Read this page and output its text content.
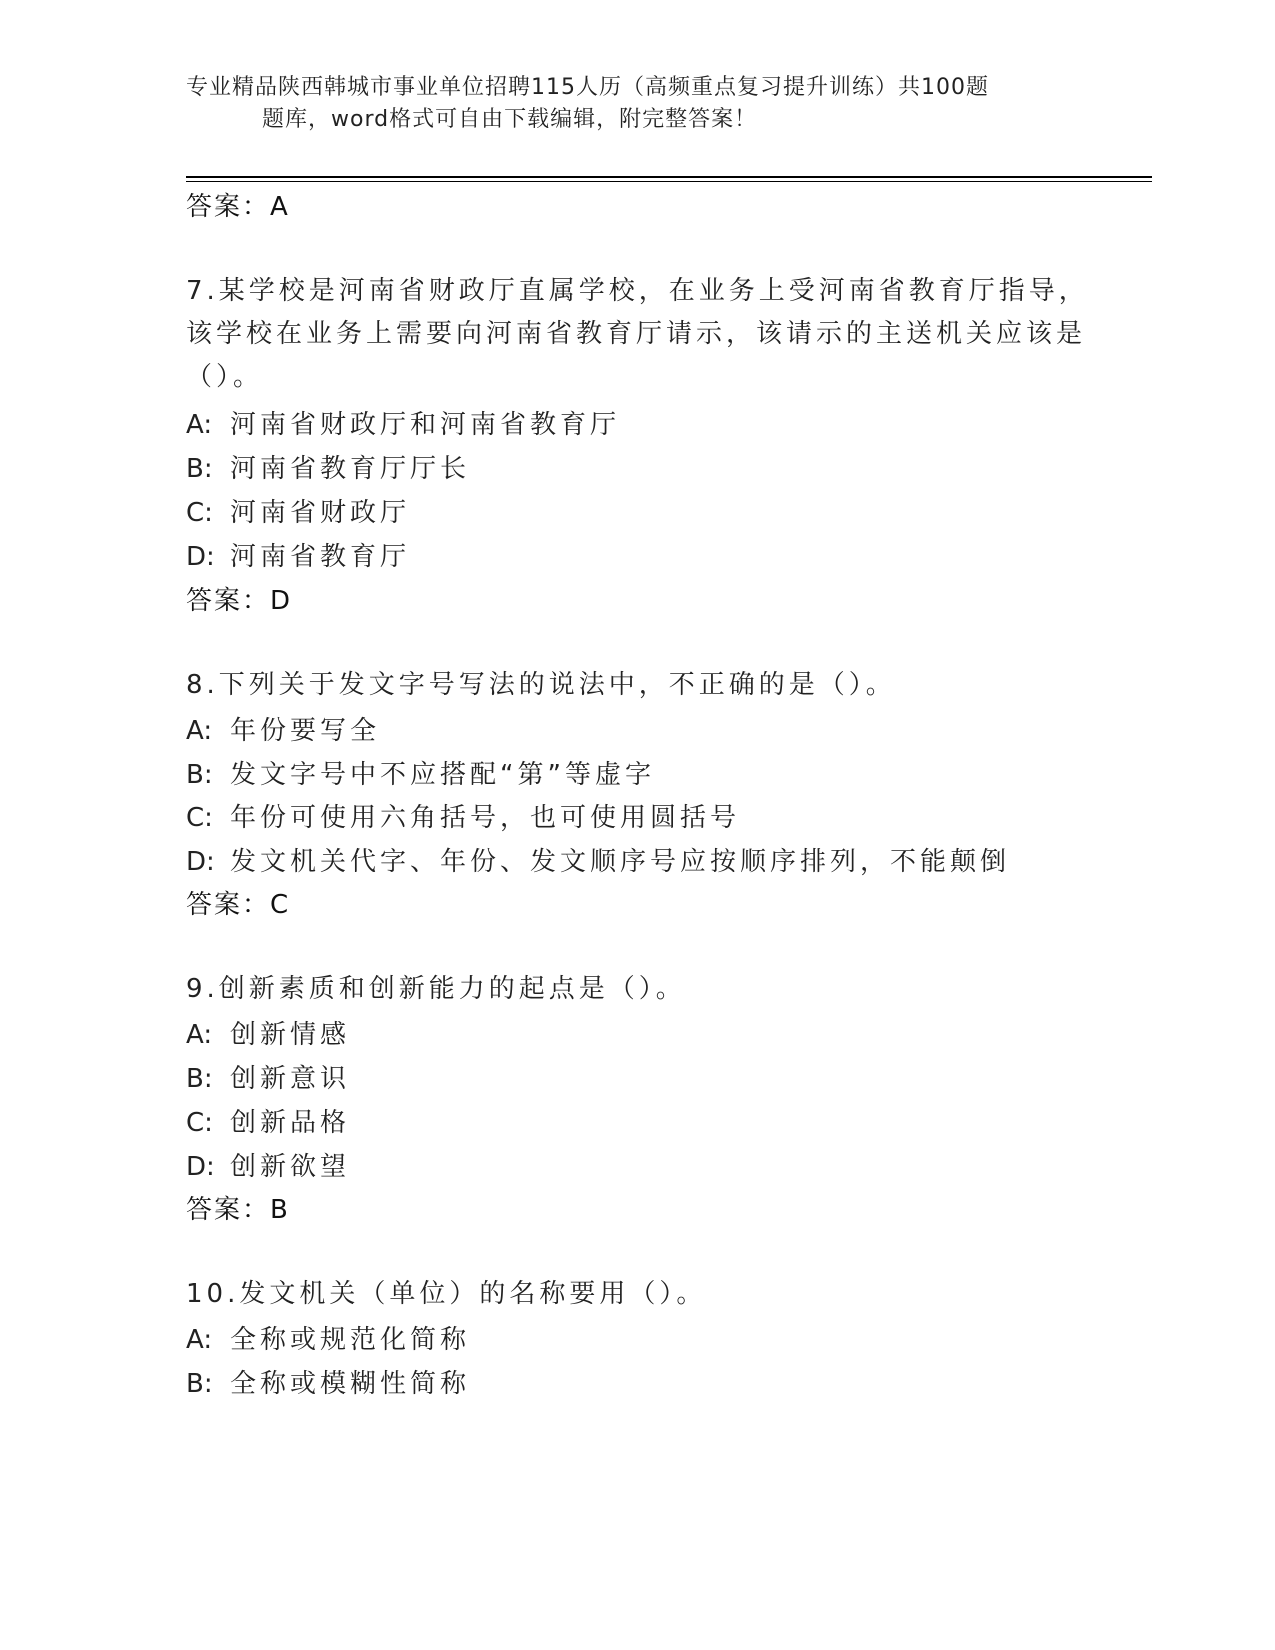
专业精品陕西韩城市事业单位招聘115人历（高频重点复习提升训练）共100题
题库，word格式可自由下载编辑，附完整答案！
答案：A
7.某学校是河南省财政厅直属学校，在业务上受河南省教育厅指导，
该学校在业务上需要向河南省教育厅请示，该请示的主送机关应该是
（）。
A: 河南省财政厅和河南省教育厅
B: 河南省教育厅厅长
C: 河南省财政厅
D: 河南省教育厅
答案：D
8.下列关于发文字号写法的说法中，不正确的是（）。
A: 年份要写全
B: 发文字号中不应搭配“第”等虚字
C: 年份可使用六角括号，也可使用圆括号
D: 发文机关代字、年份、发文顺序号应按顺序排列，不能颠倒
答案：C
9.创新素质和创新能力的起点是（）。
A: 创新情感
B: 创新意识
C: 创新品格
D: 创新欲望
答案：B
10.发文机关（单位）的名称要用（）。
A: 全称或规范化简称
B: 全称或模糊性简称
